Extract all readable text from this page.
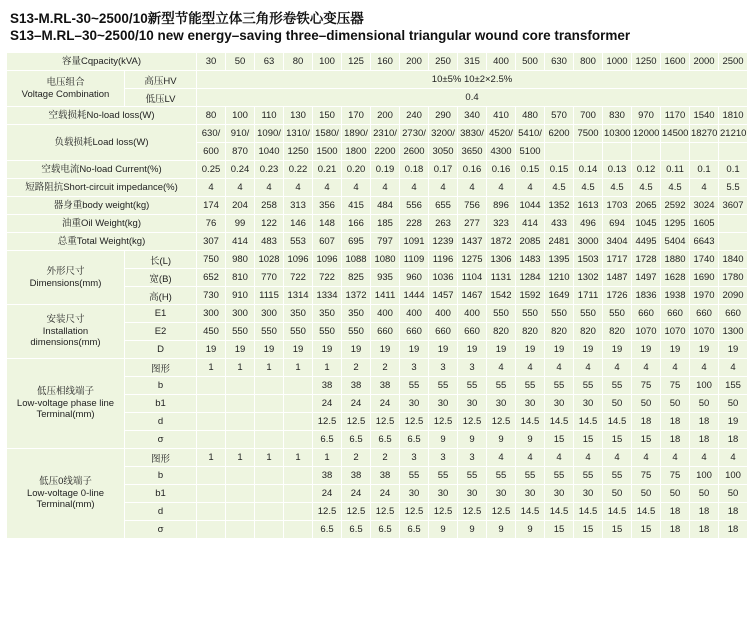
S13-M.RL-30~2500/10新型节能型立体三角形卷铁心变压器
S13–M.RL–30~2500/10 new energy–saving three–dimensional triangular wound core transformer
容量Cqpacity(kVA)		30	50	63	80	100	125	160	200	250	315	400	500	630	800	1000	1250	1600	2000	2500

电压组合
Voltage Combination	高压HV	10±5% 10±2×2.5%																		
	低压LV	0.4																		
空载损耗No-load loss(W)		80	100	110	130	150	170	200	240	290	340	410	480	570	700	830	970	1170	1540	1810
负载损耗Load loss(W)		630/	910/	1090/	1310/	1580/	1890/	2310/	2730/	3200/	3830/	4520/	5410/	6200	7500	10300	12000	14500	18270	21210
		600	870	1040	1250	1500	1800	2200	2600	3050	3650	4300	5100							
空载电流No-load Current(%)		0.25	0.24	0.23	0.22	0.21	0.20	0.19	0.18	0.17	0.16	0.16	0.15	0.15	0.14	0.13	0.12	0.11	0.1	0.1
短路阻抗Short-circuit impedance(%)		4	4	4	4	4	4	4	4	4	4	4	4	4.5	4.5	4.5	4.5	4.5	4	5.5
器身重body weight(kg)		174	204	258	313	356	415	484	556	655	756	896	1044	1352	1613	1703	2065	2592	3024	3607
油重Oil Weight(kg)		76	99	122	146	148	166	185	228	263	277	323	414	433	496	694	1045	1295	1605	
总重Total Weight(kg)		307	414	483	553	607	695	797	1091	1239	1437	1872	2085	2481	3000	3404	4495	5404	6643	

外形尺寸
Dimensions(mm)	长(L)	750	980	1028	1096	1096	1088	1080	1109	1196	1275	1306	1483	1395	1503	1717	1728	1880	1740	1840
	宽(B)	652	810	770	722	722	825	935	960	1036	1104	1131	1284	1210	1302	1487	1497	1628	1690	1780
	高(H)	730	910	1115	1314	1334	1372	1411	1444	1457	1467	1542	1592	1649	1711	1726	1836	1938	1970	2090

安装尺寸
Installation dimensions(mm)	E1	300	300	300	350	350	350	400	400	400	400	550	550	550	550	550	660	660	660	660
	E2	450	550	550	550	550	550	660	660	660	660	820	820	820	820	820	1070	1070	1070	1300
	D	19	19	19	19	19	19	19	19	19	19	19	19	19	19	19	19	19	19	19

低压相线端子
Low-voltage phase line Terminal(mm)	图形	1	1	1	1	1	2	2	3	3	3	4	4	4	4	4	4	4	4	4
	b					38	38	38	55	55	55	55	55	55	55	55	75	75	100	155
	b1					24	24	24	30	30	30	30	30	30	30	50	50	50	50	50
	d					12.5	12.5	12.5	12.5	12.5	12.5	12.5	14.5	14.5	14.5	14.5	18	18	18	19
	σ					6.5	6.5	6.5	6.5	9	9	9	9	15	15	15	15	18	18	18

低压0线端子
Low-voltage 0-line Terminal(mm)	图形	1	1	1	1	1	2	2	3	3	3	4	4	4	4	4	4	4	4	4
	b					38	38	38	55	55	55	55	55	55	55	55	75	75	100	100
	b1					24	24	24	30	30	30	30	30	30	30	50	50	50	50	50
	d					12.5	12.5	12.5	12.5	12.5	12.5	12.5	14.5	14.5	14.5	14.5	14.5	18	18	18
	σ					6.5	6.5	6.5	6.5	9	9	9	9	15	15	15	15	18	18	18
